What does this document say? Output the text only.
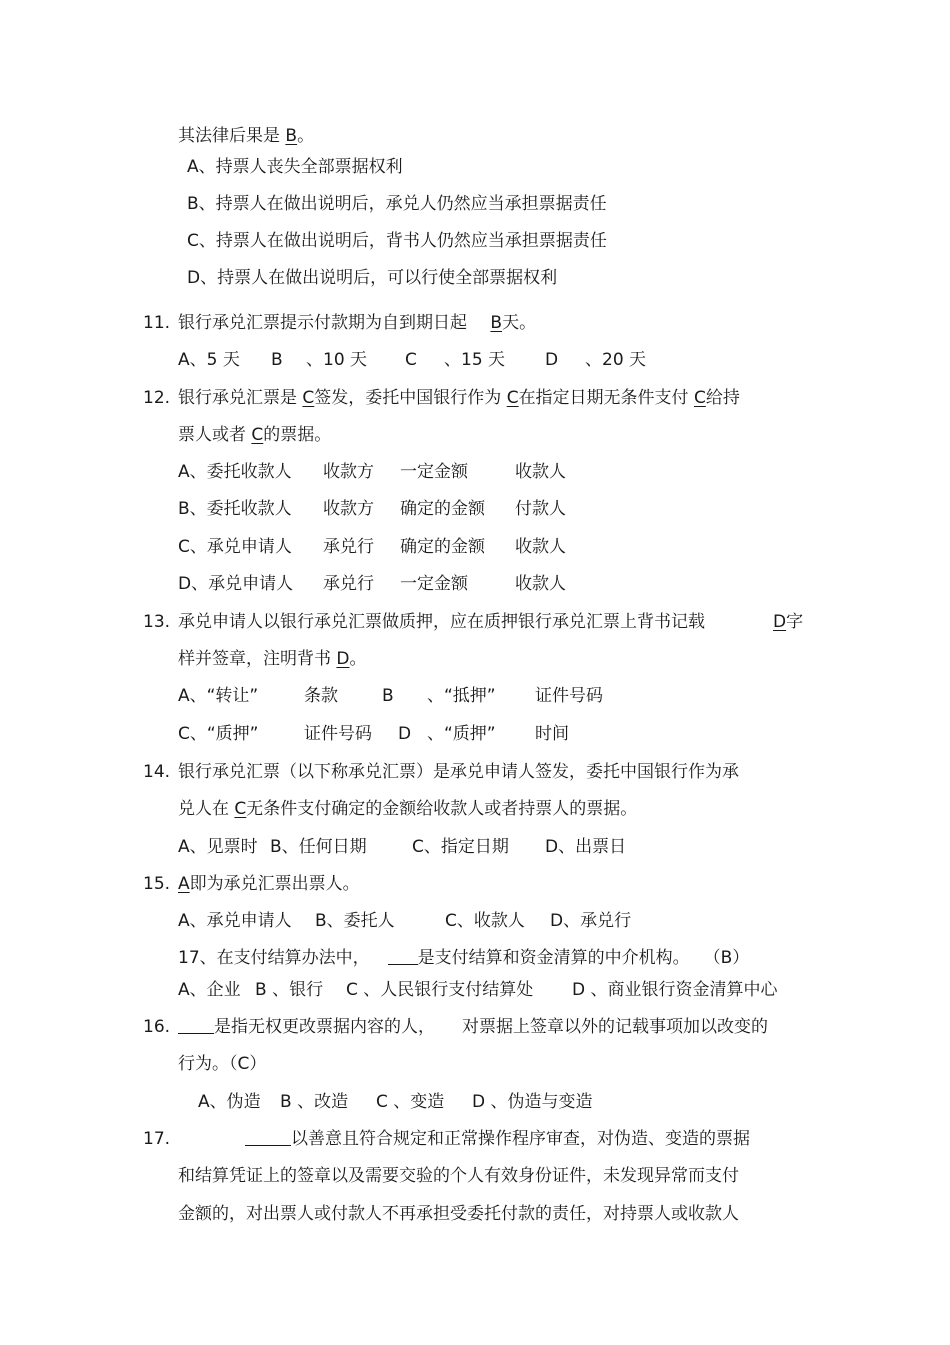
其法律后果是 B。
A、持票人丧失全部票据权利
B、持票人在做出说明后，承兑人仍然应当承担票据责任
C、持票人在做出说明后，背书人仍然应当承担票据责任
D、持票人在做出说明后，可以行使全部票据权利
11. 银行承兑汇票提示付款期为自到期日起 B天。
A、5 天 B 、10 天 C 、15 天 D 、20 天
12. 银行承兑汇票是 C签发，委托中国银行作为 C在指定日期无条件支付 C给持
票人或者 C的票据。
A、委托收款人 收款方 一定金额	收款人
B、委托收款人 收款方 确定的金额 付款人
C、承兑申请人 承兑行 确定的金额 收款人
D、承兑申请人 承兑行 一定金额	收款人
13. 承兑申请人以银行承兑汇票做质押，应在质押银行承兑汇票上背书记载	D字
样并签章，注明背书 D。
A、“转让”	条款	B 、“抵押” 证件号码
C、“质押”	证件号码 D 、“质押” 时间
14. 银行承兑汇票（以下称承兑汇票）是承兑申请人签发，委托中国银行作为承
兑人在 C无条件支付确定的金额给收款人或者持票人的票据。
A、见票时 B、任何日期	C、指定日期 D、出票日
15. A即为承兑汇票出票人。
A、承兑申请人 B、委托人	C、收款人 D、承兑行
17、在支付结算办法中，	是支付结算和资金清算的中介机构。 （B）
A、企业 B 、银行 C 、人民银行支付结算处 D 、商业银行资金清算中心
16.	是指无权更改票据内容的人， 对票据上签章以外的记载事项加以改变的
行为。（C）
A、伪造 B 、改造 C 、变造 D 、伪造与变造
17.	以善意且符合规定和正常操作程序审查，对伪造、变造的票据
和结算凭证上的签章以及需要交验的个人有效身份证件，未发现异常而支付
金额的，对出票人或付款人不再承担受委托付款的责任，对持票人或收款人
